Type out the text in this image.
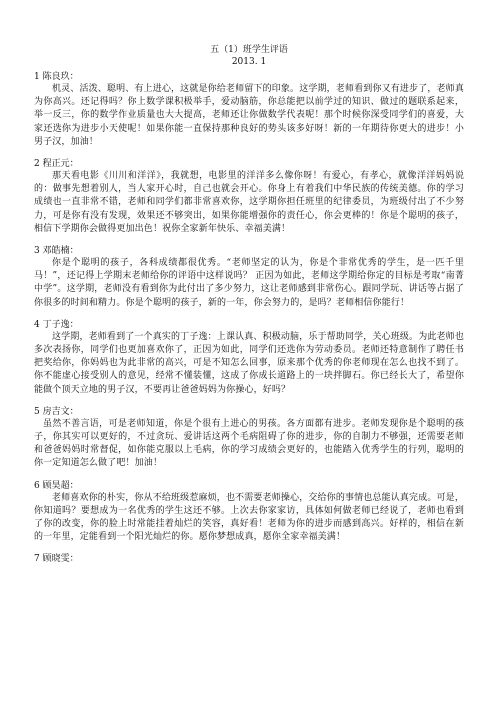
五（1）班学生评语

2013. 1

1 陈良玖：

机灵、活泼、聪明、有上进心，这就是你给老师留下的印象。这学期，老师看到你又有进步了，老师真为你高兴。还记得吗？你上数学课积极举手，爱动脑筋，你总能把以前学过的知识、做过的题联系起来，举一反三，你的数学作业质量也大大提高，老师还让你做数学代表呢！那个时候你深受同学们的喜爱，大家还选你为进步小天使呢！如果你能一直保持那种良好的势头该多好呀！新的一年期待你更大的进步！小男子汉，加油！

2 程正元：

那天看电影《川川和洋洋》，我就想，电影里的洋洋多么像你呀！有爱心，有孝心，就像洋洋妈妈说的：做事先想着别人，当人家开心时，自己也就会开心。你身上有着我们中华民族的传统美德。你的学习成绩也一直非常不错，老师和同学们都非常喜欢你，这学期你担任班里的纪律委员，为班级付出了不少努力，可是你有没有发现，效果还不够突出，如果你能增强你的责任心，你会更棒的！你是个聪明的孩子，相信下学期你会做得更加出色！祝你全家新年快乐、幸福美满！

3 邓皓楠：

你是个聪明的孩子，各科成绩都很优秀。“老师坚定的认为，你是个非常优秀的学生，是一匹千里马！”，还记得上学期末老师给你的评语中这样说吗？ 正因为如此，老师这学期给你定的目标是考取“南菁中学”。这学期，老师没有看到你为此付出了多少努力，这让老师感到非常伤心。跟同学玩、讲话等占据了你很多的时间和精力。你是个聪明的孩子，新的一年，你会努力的，是吗？老师相信你能行！

4 丁子逸：

这学期，老师看到了一个真实的丁子逸：上课认真、积极动脑，乐于帮助同学，关心班级。为此老师也多次表扬你，同学们也更加喜欢你了，正因为如此，同学们还选你为劳动委员。老师还特意制作了聘任书把奖给你，你妈妈也为此非常的高兴，可是不知怎么回事，原来那个优秀的你老师现在怎么也找不到了。你不能虚心接受别人的意见，经常不懂装懂，这成了你成长道路上的一块拌脚石。你已经长大了，希望你能做个顶天立地的男子汉，不要再让爸爸妈妈为你操心，好吗？

5 房吉文：

虽然不善言语，可是老师知道，你是个很有上进心的男孩。各方面都有进步。老师发现你是个聪明的孩子，你其实可以更好的，不过贪玩、爱讲话这两个毛病阻碍了你的进步，你的自制力不够强，还需要老师和爸爸妈妈时常督促，如你能克服以上毛病，你的学习成绩会更好的，也能踏入优秀学生的行列，聪明的你一定知道怎么做了吧！加油！

6 顾昊超：

老师喜欢你的朴实，你从不给班级惹麻烦，也不需要老师操心，交给你的事情也总能认真完成。可是，你知道吗？要想成为一名优秀的学生这还不够。上次去你家家访，具体如何做老师已经说了，老师也看到了你的改变，你的脸上时常能挂着灿烂的笑容，真好看！老师为你的进步而感到高兴。好样的，相信在新的一年里，定能看到一个阳光灿烂的你。愿你梦想成真，愿你全家幸福美满！

7 顾晓雯：
